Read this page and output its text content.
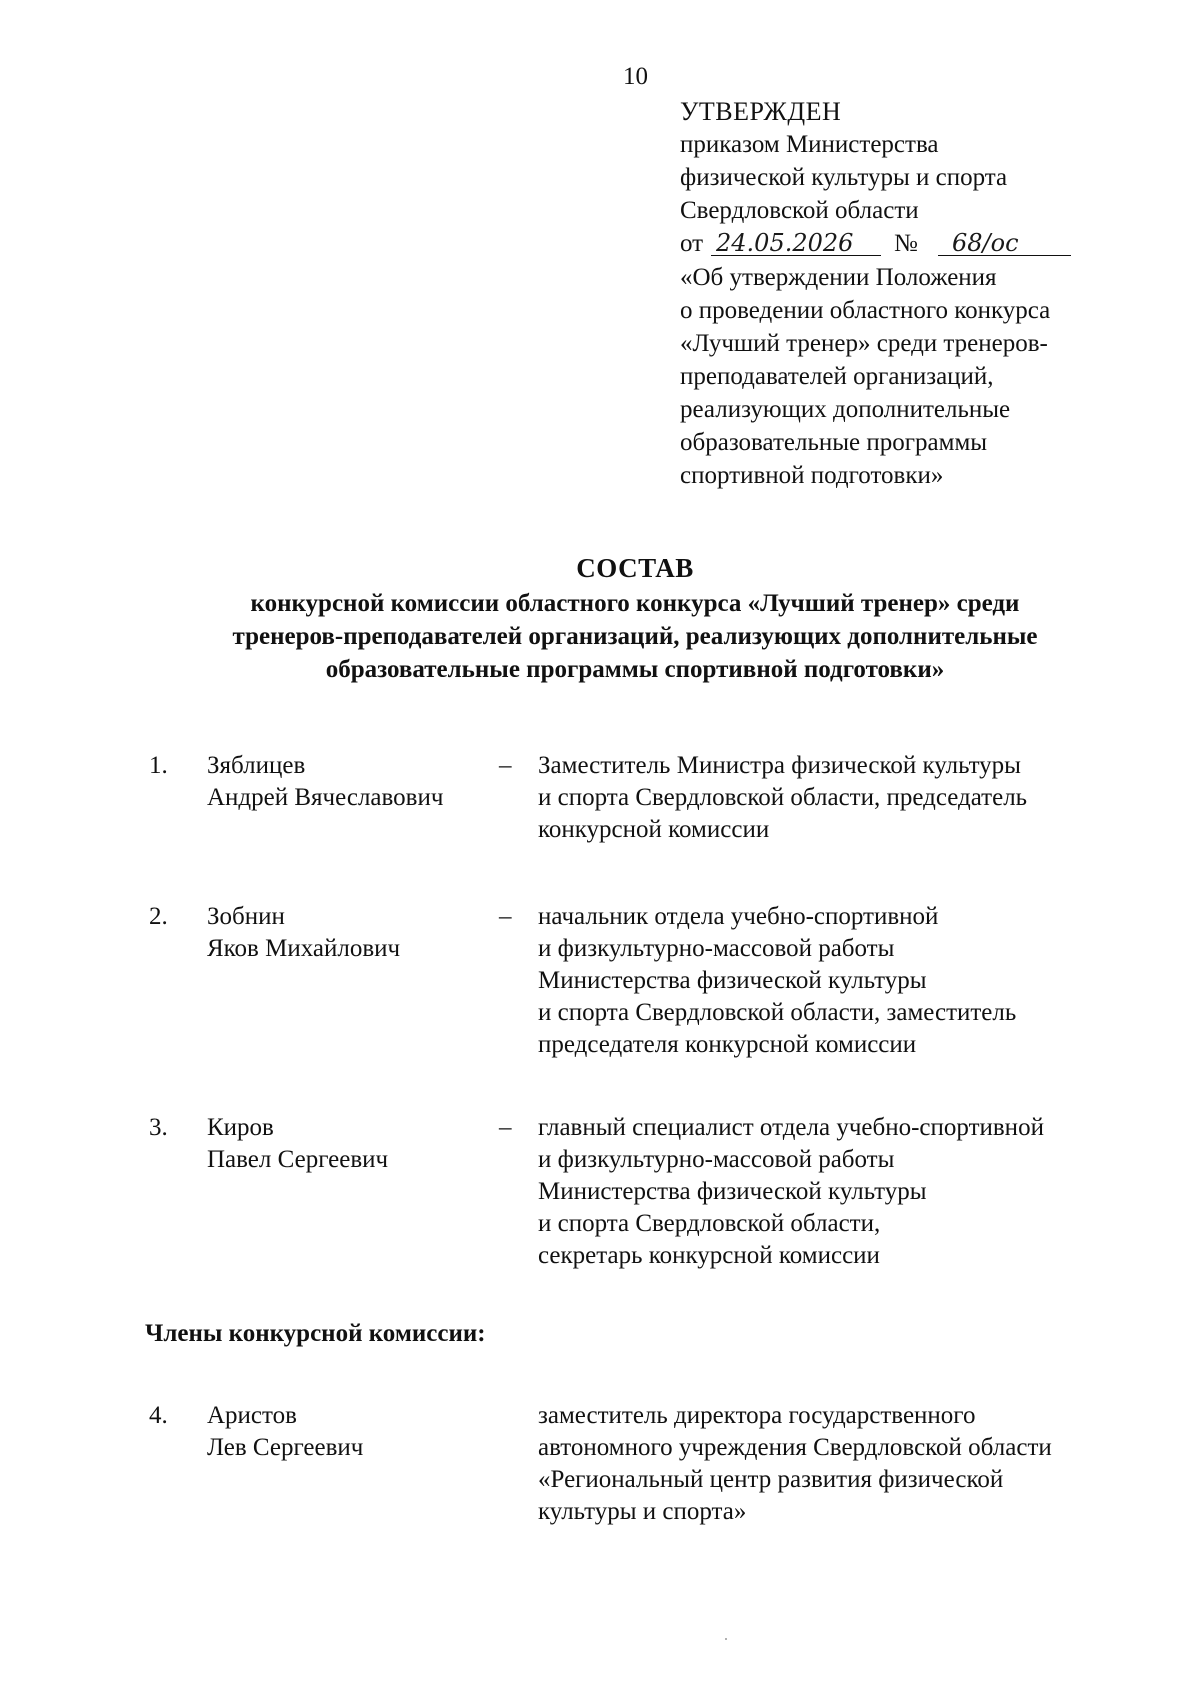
10
УТВЕРЖДЕН
приказом Министерства
физической культуры и спорта
Свердловской области
от 24.05.2026 № 68/ос
«Об утверждении Положения
о проведении областного конкурса
«Лучший тренер» среди тренеров-
преподавателей организаций,
реализующих дополнительные
образовательные программы
спортивной подготовки»
СОСТАВ
конкурсной комиссии областного конкурса «Лучший тренер» среди
тренеров-преподавателей организаций, реализующих дополнительные
образовательные программы спортивной подготовки»
1. Зяблицев
Андрей Вячеславович
– Заместитель Министра физической культуры
и спорта Свердловской области, председатель
конкурсной комиссии
2. Зобнин
Яков Михайлович
– начальник отдела учебно-спортивной
и физкультурно-массовой работы
Министерства физической культуры
и спорта Свердловской области, заместитель
председателя конкурсной комиссии
3. Киров
Павел Сергеевич
– главный специалист отдела учебно-спортивной
и физкультурно-массовой работы
Министерства физической культуры
и спорта Свердловской области,
секретарь конкурсной комиссии
Члены конкурсной комиссии:
4. Аристов
Лев Сергеевич
заместитель директора государственного
автономного учреждения Свердловской области
«Региональный центр развития физической
культуры и спорта»
